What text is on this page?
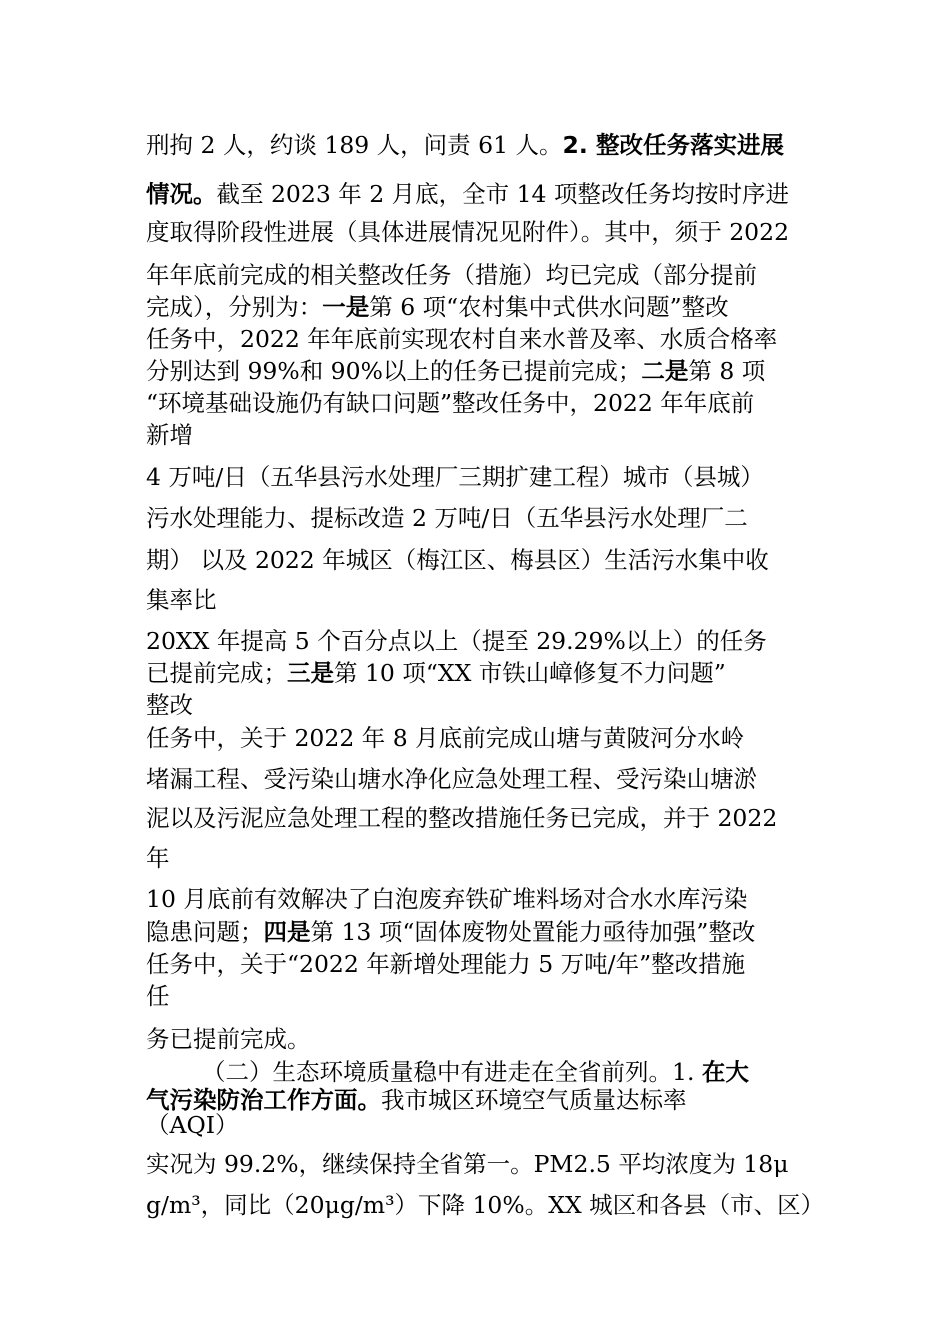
刑拘 2 人，约谈 189 人，问责 61 人。2. 整改任务落实进展

情况。截至 2023 年 2 月底，全市 14 项整改任务均按时序进

度取得阶段性进展（具体进展情况见附件）。其中，须于 2022

年年底前完成的相关整改任务（措施）均已完成（部分提前

完成），分别为：一是第 6 项“农村集中式供水问题”整改

任务中，2022 年年底前实现农村自来水普及率、水质合格率

分别达到 99%和 90%以上的任务已提前完成；二是第 8 项

“环境基础设施仍有缺口问题”整改任务中，2022 年年底前

新增

4 万吨/日（五华县污水处理厂三期扩建工程）城市（县城）

污水处理能力、提标改造 2 万吨/日（五华县污水处理厂二

期） 以及 2022 年城区（梅江区、梅县区）生活污水集中收

集率比

20XX 年提高 5 个百分点以上（提至 29.29%以上）的任务

已提前完成；三是第 10 项“XX 市铁山嶂修复不力问题”

整改

任务中，关于 2022 年 8 月底前完成山塘与黄陂河分水岭

堵漏工程、受污染山塘水净化应急处理工程、受污染山塘淤

泥以及污泥应急处理工程的整改措施任务已完成，并于 2022

年

10 月底前有效解决了白泡废弃铁矿堆料场对合水水库污染

隐患问题；四是第 13 项“固体废物处置能力亟待加强”整改

任务中，关于“2022 年新增处理能力 5 万吨/年”整改措施

任

务已提前完成。

（二）生态环境质量稳中有进走在全省前列。1. 在大

气污染防治工作方面。我市城区环境空气质量达标率

（AQI）

实况为 99.2%，继续保持全省第一。PM2.5 平均浓度为 18μ

g/m³，同比（20μg/m³）下降 10%。XX 城区和各县（市、区）
